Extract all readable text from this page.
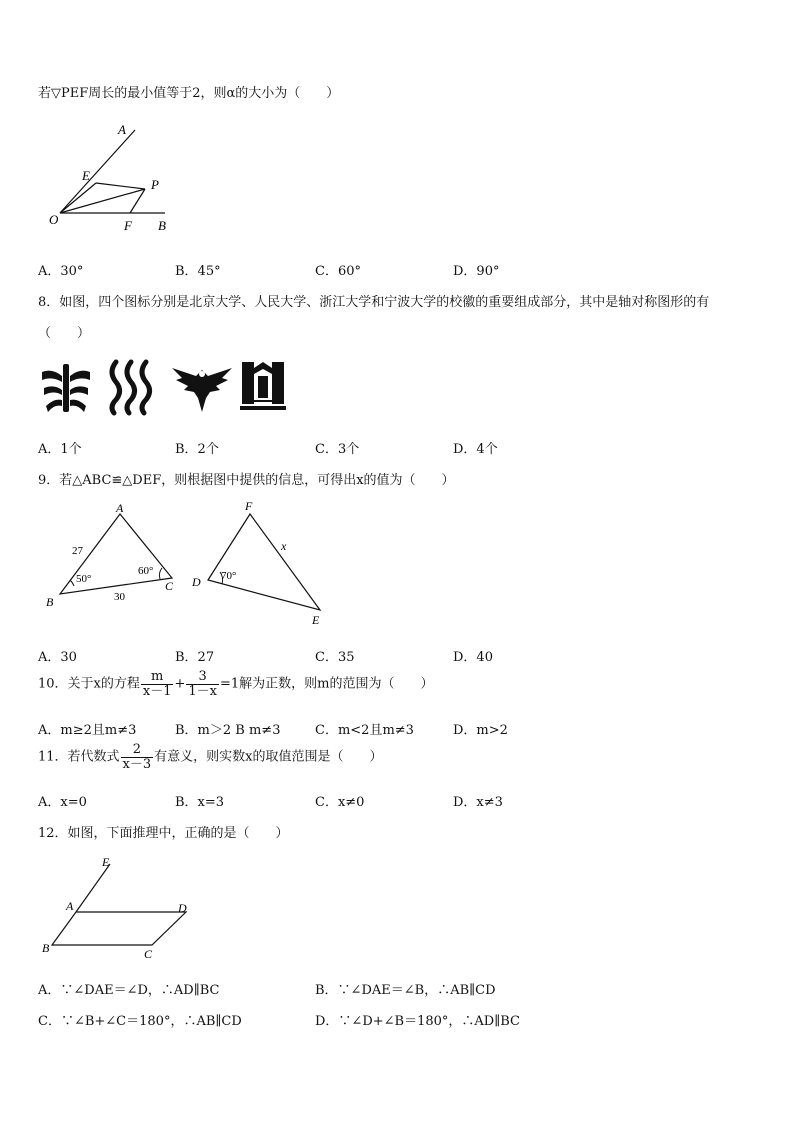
若▽PEF周长的最小值等于2，则α的大小为（　　）
A
E
P
O	F B
A．30°	B．45°	C．60°	D．90°
8．如图，四个图标分别是北京大学、人民大学、浙江大学和宁波大学的校徽的重要组成部分，其中是轴对称图形的有
（　　）
A．1个	B．2个	C．3个	D．4个
9．若△ABC≌△DEF，则根据图中提供的信息，可得出x的值为（　　）
A
B
C
27
30
50°
60°
F
D
E
70°
x
A．30	B．27	C．35	D．40
10．关于x的方程 $\frac{m}{x-1} + \frac{3}{1-x} =1$解为正数，则m的范围为（　　）
A．m≥2且m≠3	B．m＞2 B m≠3	C．m<2且m≠3	D．m>2
11．若代数式 $\frac{2}{x-3}$ 有意义，则实数x的取值范围是（　　）
A．x=0	B．x=3	C．x≠0	D．x≠3
12．如图，下面推理中，正确的是（　　）
E
A	D
B	C
A．∵∠DAE＝∠D，∴AD∥BC	B．∵∠DAE＝∠B，∴AB∥CD
C．∵∠B+∠C＝180°，∴AB∥CD	D．∵∠D+∠B＝180°，∴AD∥BC
